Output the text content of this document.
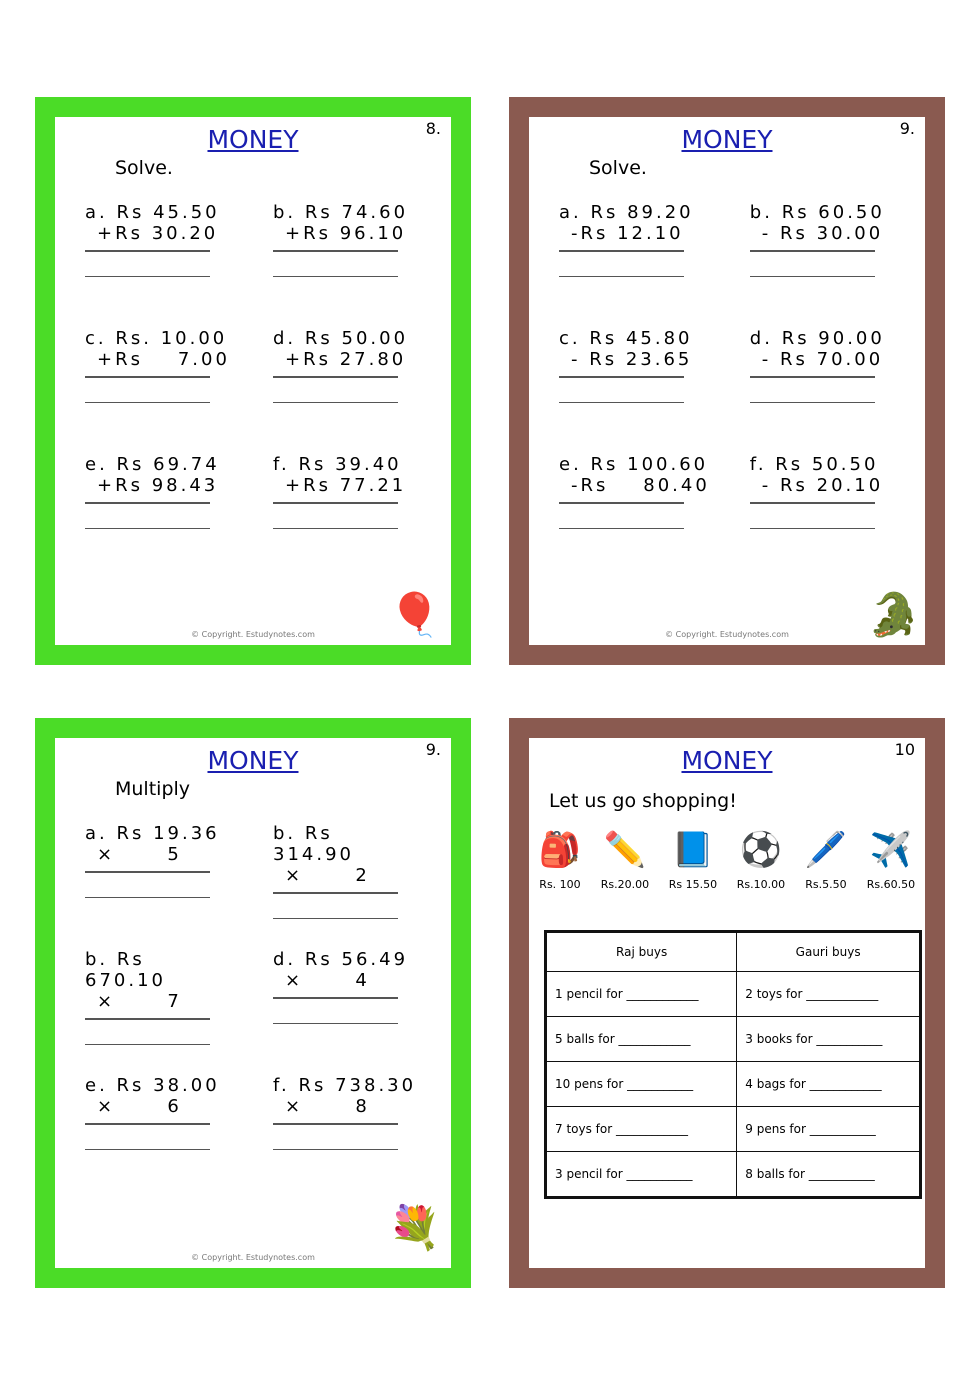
🎈
MONEY	8.
Solve.
© Copyright. Estudynotes.com
a. Rs 45.50
+Rs 30.20
b. Rs 74.60
+Rs 96.10
c. Rs. 10.00
+Rs    7.00
d. Rs 50.00
+Rs 27.80
e. Rs 69.74
+Rs 98.43
f. Rs 39.40
+Rs 77.21
🐊
MONEY	9.
Solve.
© Copyright. Estudynotes.com
a. Rs 89.20
-Rs 12.10
b. Rs 60.50
- Rs 30.00
c. Rs 45.80
- Rs 23.65
d. Rs 90.00
- Rs 70.00
e. Rs 100.60
-Rs    80.40
f. Rs 50.50
- Rs 20.10
💐
MONEY	9.
Multiply
© Copyright. Estudynotes.com
a. Rs 19.36
×      5
b. Rs 314.90
×      2
b. Rs 670.10
×      7
d. Rs 56.49
×      4
e. Rs 38.00
×      6
f. Rs 738.30
×      8
MONEY	10
Let us go shopping!
🎒
Rs. 100
✏️
Rs.20.00
📘
Rs 15.50
⚽
Rs.10.00
🖊️
Rs.5.50
✈️
Rs.60.50
Raj buys	Gauri buys
1 pencil for ____________	2 toys for ____________
5 balls for ____________	3 books for ___________
10 pens for ___________	4 bags for ____________
7 toys for ____________	9 pens for ___________
3 pencil for ___________	8 balls for ___________
